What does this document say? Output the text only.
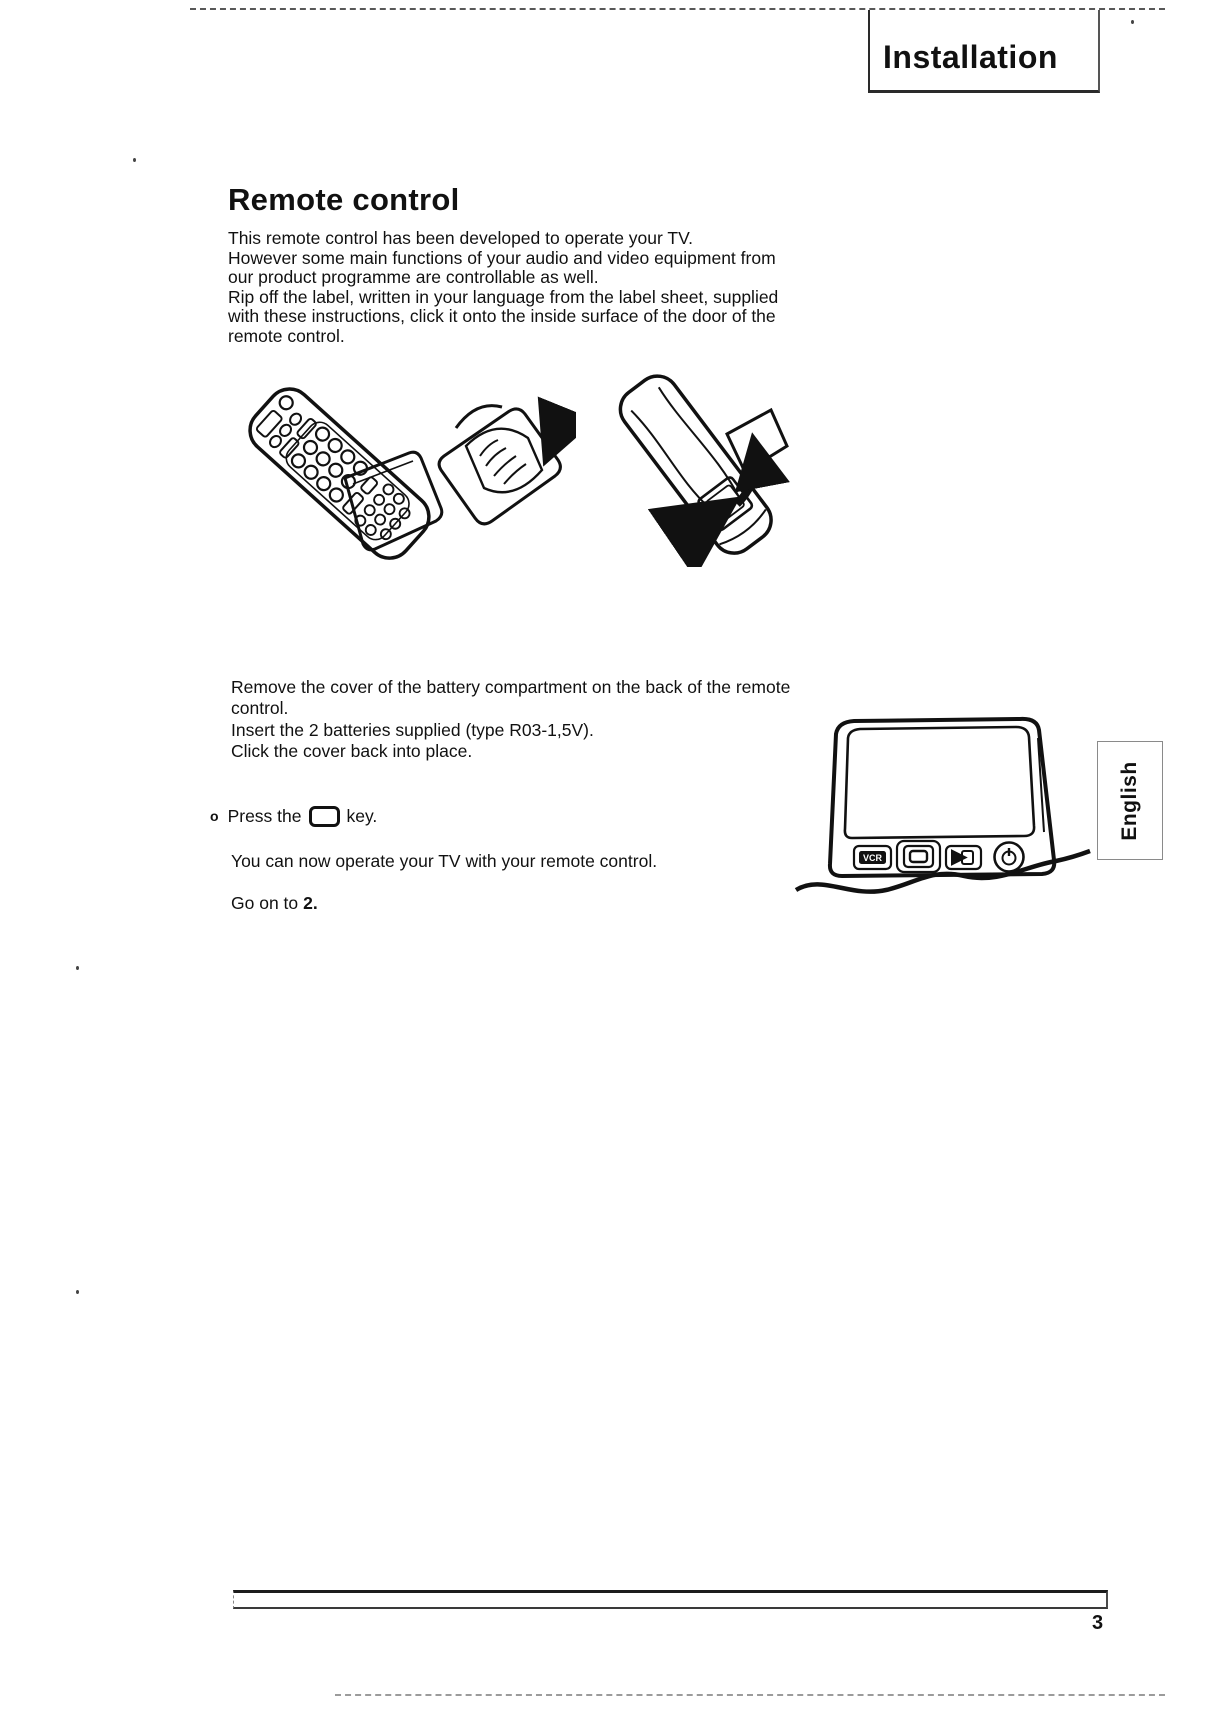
Installation
Remote control
This remote control has been developed to operate your TV.
However some main functions of your audio and video equipment from
our product programme are controllable as well.
Rip off the label, written in your language from the label sheet, supplied
with these instructions, click it onto the inside surface of the door of the
remote control.
Remove the cover of the battery compartment on the back of the remote
control.
Insert the 2 batteries supplied (type R03-1,5V).
Click the cover back into place.
o Press the	key.
You can now operate your TV with your remote control.
Go on to 2.
VCR
English
3
